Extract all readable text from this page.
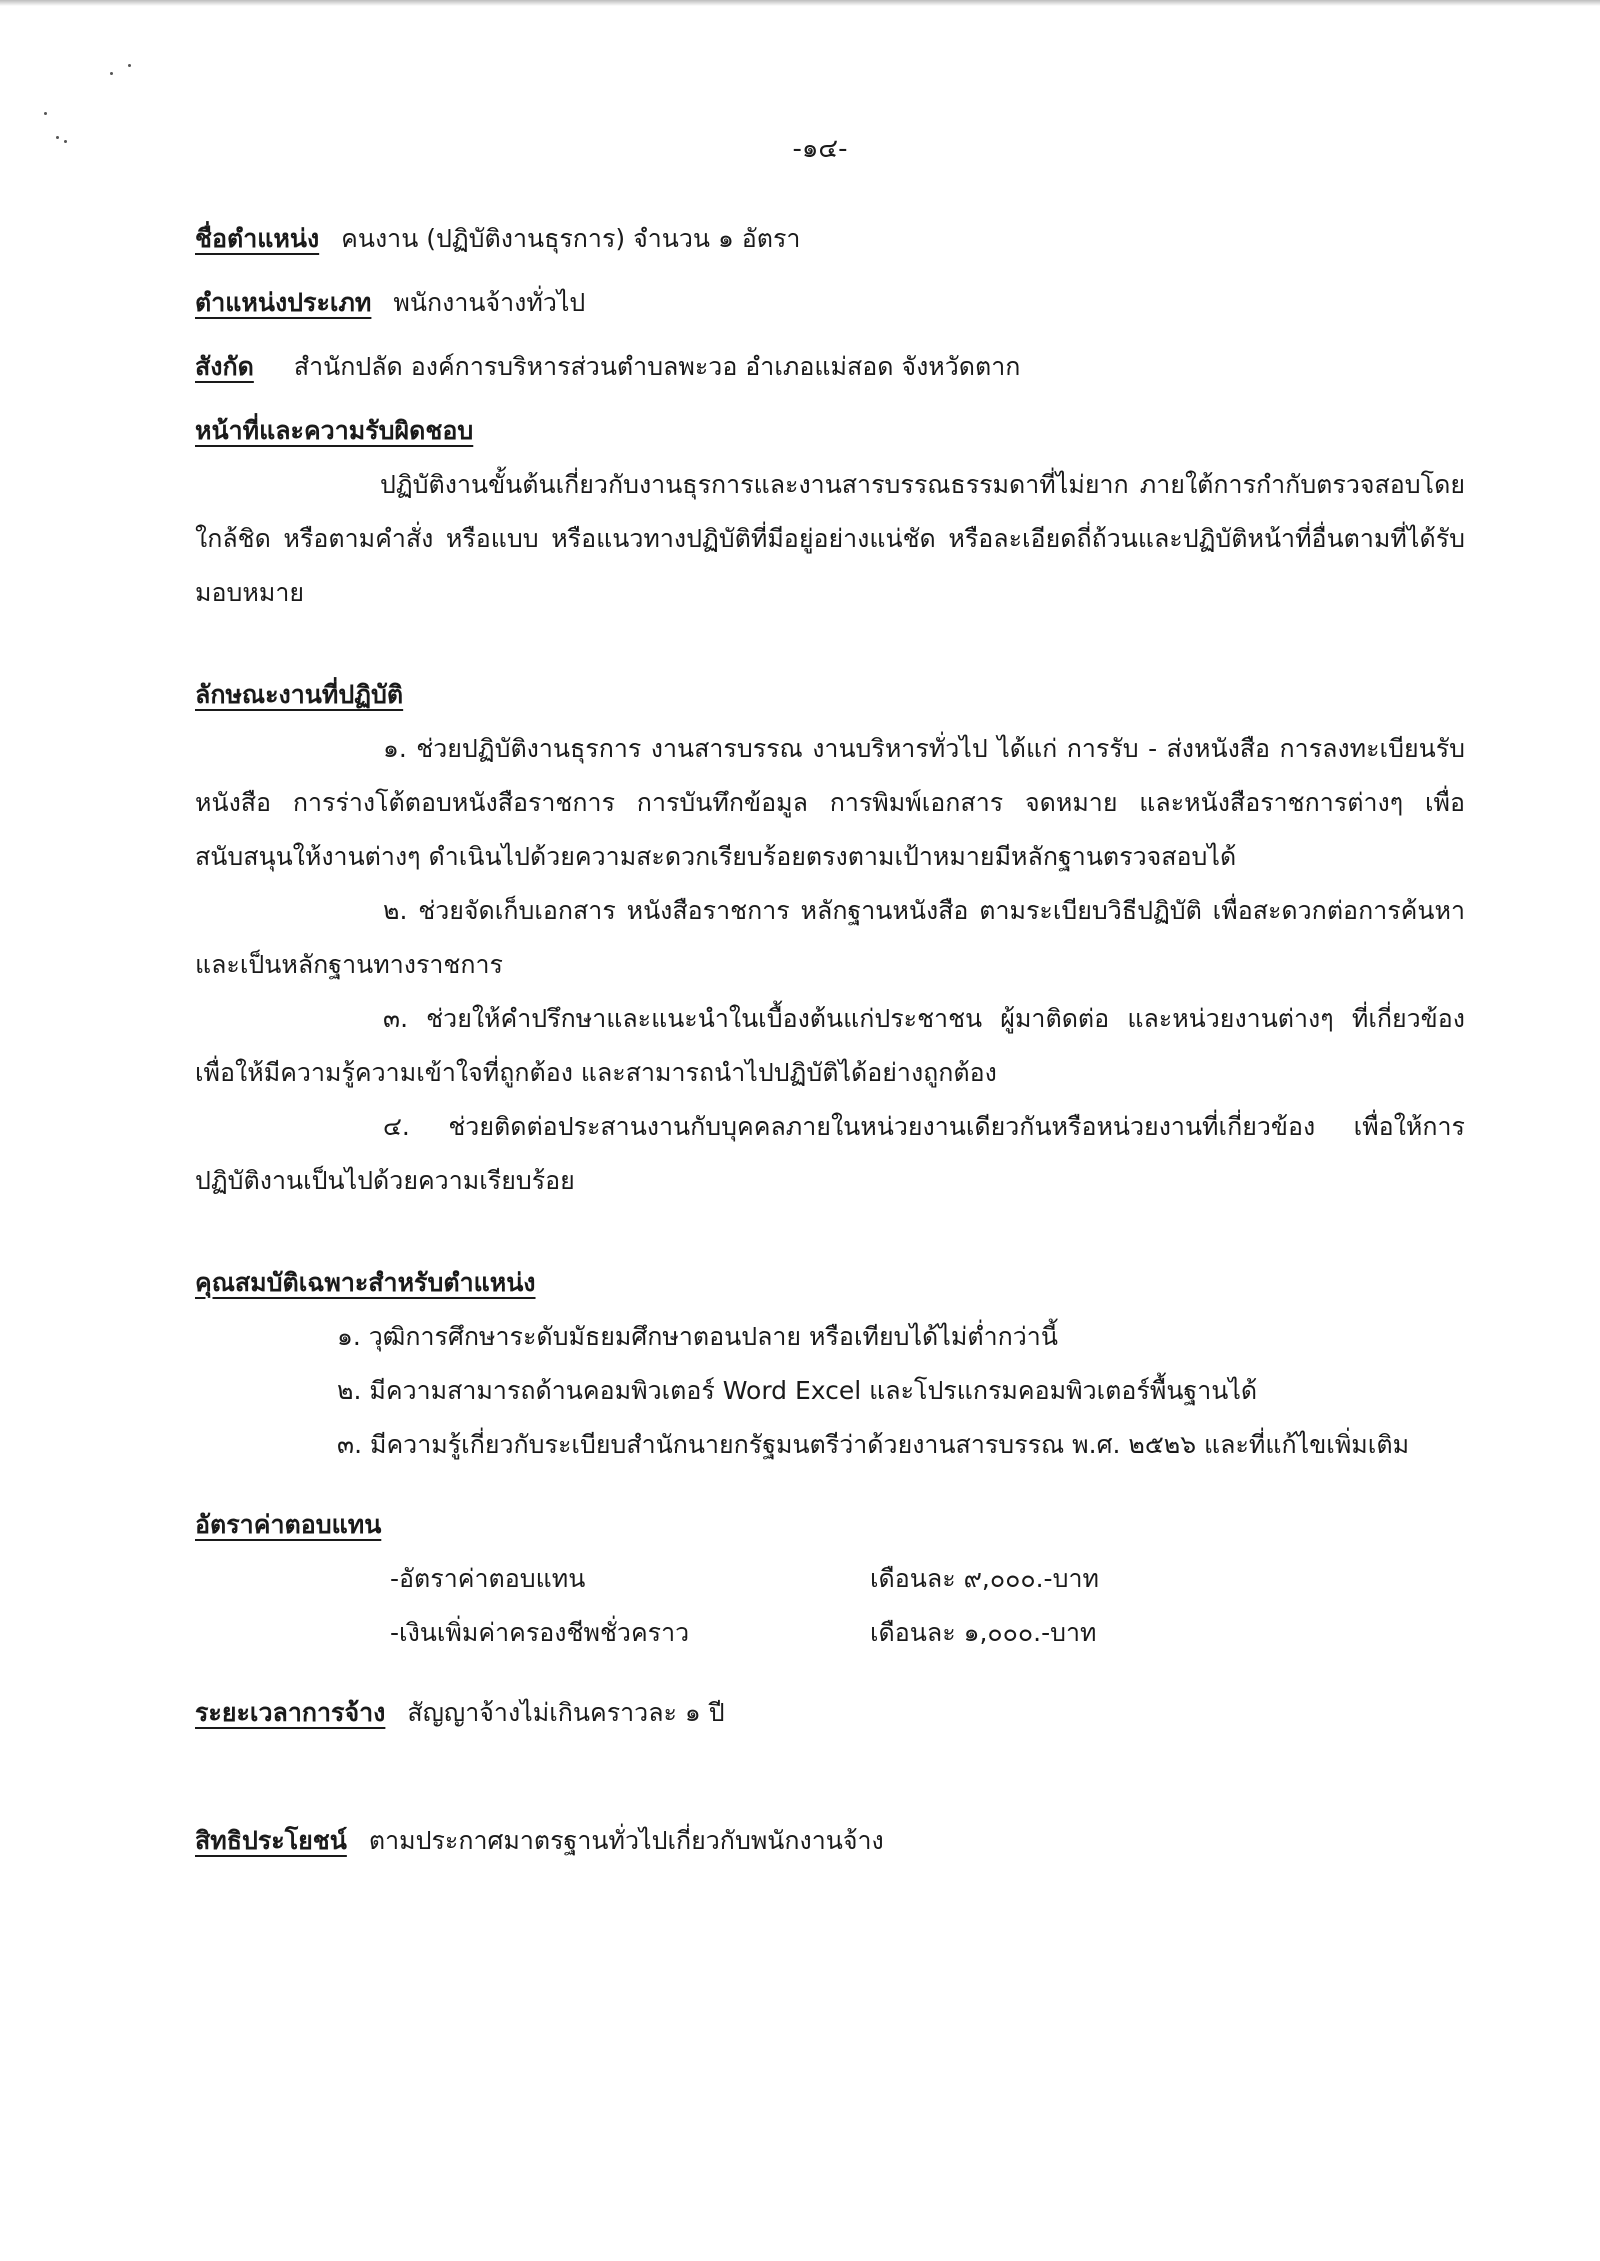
-๑๔-
ชื่อตำแหน่ง คนงาน (ปฏิบัติงานธุรการ) จำนวน ๑ อัตรา
ตำแหน่งประเภท พนักงานจ้างทั่วไป
สังกัด สำนักปลัด องค์การบริหารส่วนตำบลพะวอ อำเภอแม่สอด จังหวัดตาก
หน้าที่และความรับผิดชอบ
ปฏิบัติงานขั้นต้นเกี่ยวกับงานธุรการและงานสารบรรณธรรมดาที่ไม่ยาก ภายใต้การกำกับตรวจสอบโดยใกล้ชิด หรือตามคำสั่ง หรือแบบ หรือแนวทางปฏิบัติที่มีอยู่อย่างแน่ชัด หรือละเอียดถี่ถ้วนและปฏิบัติหน้าที่อื่นตามที่ได้รับมอบหมาย
ลักษณะงานที่ปฏิบัติ
๑. ช่วยปฏิบัติงานธุรการ งานสารบรรณ งานบริหารทั่วไป ได้แก่ การรับ - ส่งหนังสือ การลงทะเบียนรับหนังสือ การร่างโต้ตอบหนังสือราชการ การบันทึกข้อมูล การพิมพ์เอกสาร จดหมาย และหนังสือราชการต่างๆ เพื่อสนับสนุนให้งานต่างๆ ดำเนินไปด้วยความสะดวกเรียบร้อยตรงตามเป้าหมายมีหลักฐานตรวจสอบได้
๒. ช่วยจัดเก็บเอกสาร หนังสือราชการ หลักฐานหนังสือ ตามระเบียบวิธีปฏิบัติ เพื่อสะดวกต่อการค้นหา และเป็นหลักฐานทางราชการ
๓. ช่วยให้คำปรึกษาและแนะนำในเบื้องต้นแก่ประชาชน ผู้มาติดต่อ และหน่วยงานต่างๆ ที่เกี่ยวข้อง เพื่อให้มีความรู้ความเข้าใจที่ถูกต้อง และสามารถนำไปปฏิบัติได้อย่างถูกต้อง
๔. ช่วยติดต่อประสานงานกับบุคคลภายในหน่วยงานเดียวกันหรือหน่วยงานที่เกี่ยวข้อง เพื่อให้การปฏิบัติงานเป็นไปด้วยความเรียบร้อย
คุณสมบัติเฉพาะสำหรับตำแหน่ง
๑. วุฒิการศึกษาระดับมัธยมศึกษาตอนปลาย หรือเทียบได้ไม่ต่ำกว่านี้
๒. มีความสามารถด้านคอมพิวเตอร์ Word Excel และโปรแกรมคอมพิวเตอร์พื้นฐานได้
๓. มีความรู้เกี่ยวกับระเบียบสำนักนายกรัฐมนตรีว่าด้วยงานสารบรรณ พ.ศ. ๒๕๒๖ และที่แก้ไขเพิ่มเติม
อัตราค่าตอบแทน
-อัตราค่าตอบแทน	เดือนละ ๙,๐๐๐.-บาท
-เงินเพิ่มค่าครองชีพชั่วคราว	เดือนละ ๑,๐๐๐.-บาท
ระยะเวลาการจ้าง สัญญาจ้างไม่เกินคราวละ ๑ ปี
สิทธิประโยชน์ ตามประกาศมาตรฐานทั่วไปเกี่ยวกับพนักงานจ้าง
